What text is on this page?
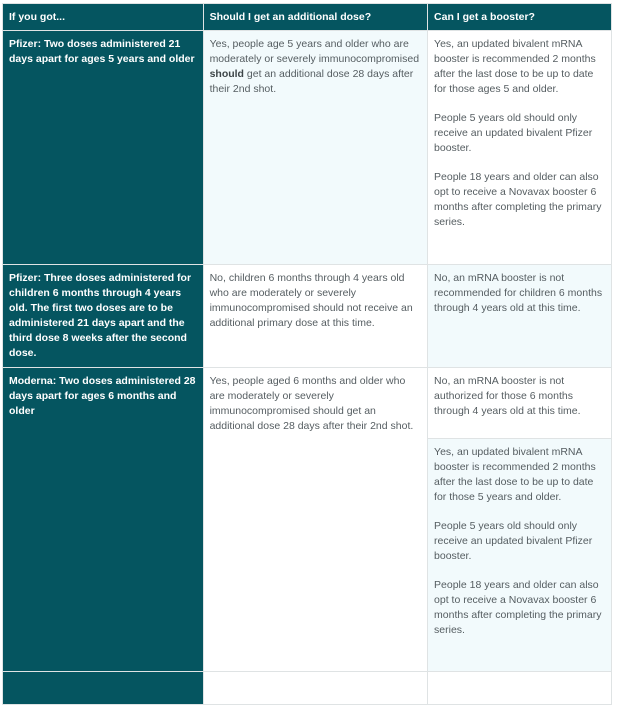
If you got...	Should I get an additional dose?	Can I get a booster?
Pfizer: Two doses administered 21 days apart for ages 5 years and older	Yes, people age 5 years and older who are moderately or severely immunocompromised should get an additional dose 28 days after their 2nd shot.	Yes, an updated bivalent mRNA booster is recommended 2 months after the last dose to be up to date for those ages 5 and older.

People 5 years old should only receive an updated bivalent Pfizer booster.

People 18 years and older can also opt to receive a Novavax booster 6 months after completing the primary series.

Pfizer: Three doses administered for children 6 months through 4 years old. The first two doses are to be administered 21 days apart and the third dose 8 weeks after the second dose.	No, children 6 months through 4 years old who are moderately or severely immunocompromised should not receive an additional primary dose at this time.	No, an mRNA booster is not recommended for children 6 months through 4 years old at this time.
Moderna: Two doses administered 28 days apart for ages 6 months and older	Yes, people aged 6 months and older who are moderately or severely immunocompromised should get an additional dose 28 days after their 2nd shot.	No, an mRNA booster is not authorized for those 6 months through 4 years old at this time.

		Yes, an updated bivalent mRNA booster is recommended 2 months after the last dose to be up to date for those 5 years and older.

People 5 years old should only receive an updated bivalent Pfizer booster.

People 18 years and older can also opt to receive a Novavax booster 6 months after completing the primary series.
